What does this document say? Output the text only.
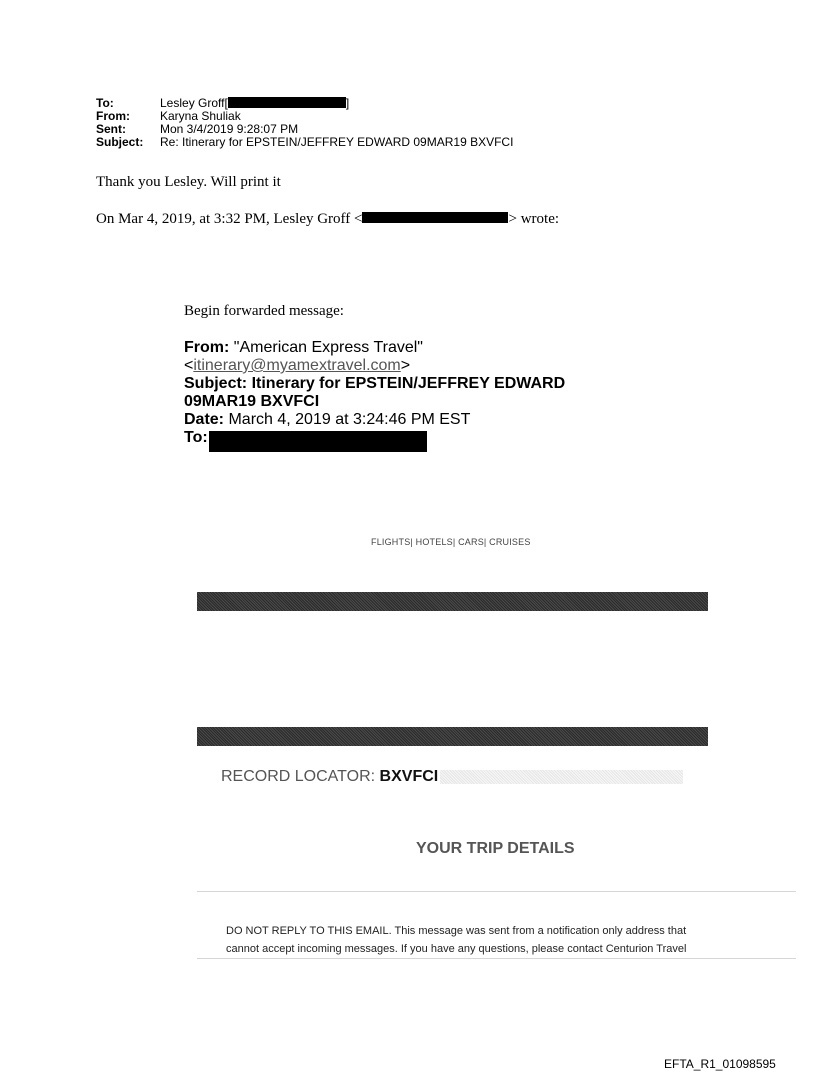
To:	Lesley Groff[	]
From:	Karyna Shuliak
Sent:	Mon 3/4/2019 9:28:07 PM
Subject:	Re: Itinerary for EPSTEIN/JEFFREY EDWARD 09MAR19 BXVFCI
Thank you Lesley. Will print it
On Mar 4, 2019, at 3:32 PM, Lesley Groff <	> wrote:
Begin forwarded message:
From: "American Express Travel"
<itinerary@myamextravel.com>
Subject: Itinerary for EPSTEIN/JEFFREY EDWARD
09MAR19 BXVFCI
Date: March 4, 2019 at 3:24:46 PM EST
To:
FLIGHTS| HOTELS| CARS| CRUISES
RECORD LOCATOR: BXVFCI
YOUR TRIP DETAILS
DO NOT REPLY TO THIS EMAIL. This message was sent from a notification only address that
cannot accept incoming messages. If you have any questions, please contact Centurion Travel
EFTA_R1_01098595
